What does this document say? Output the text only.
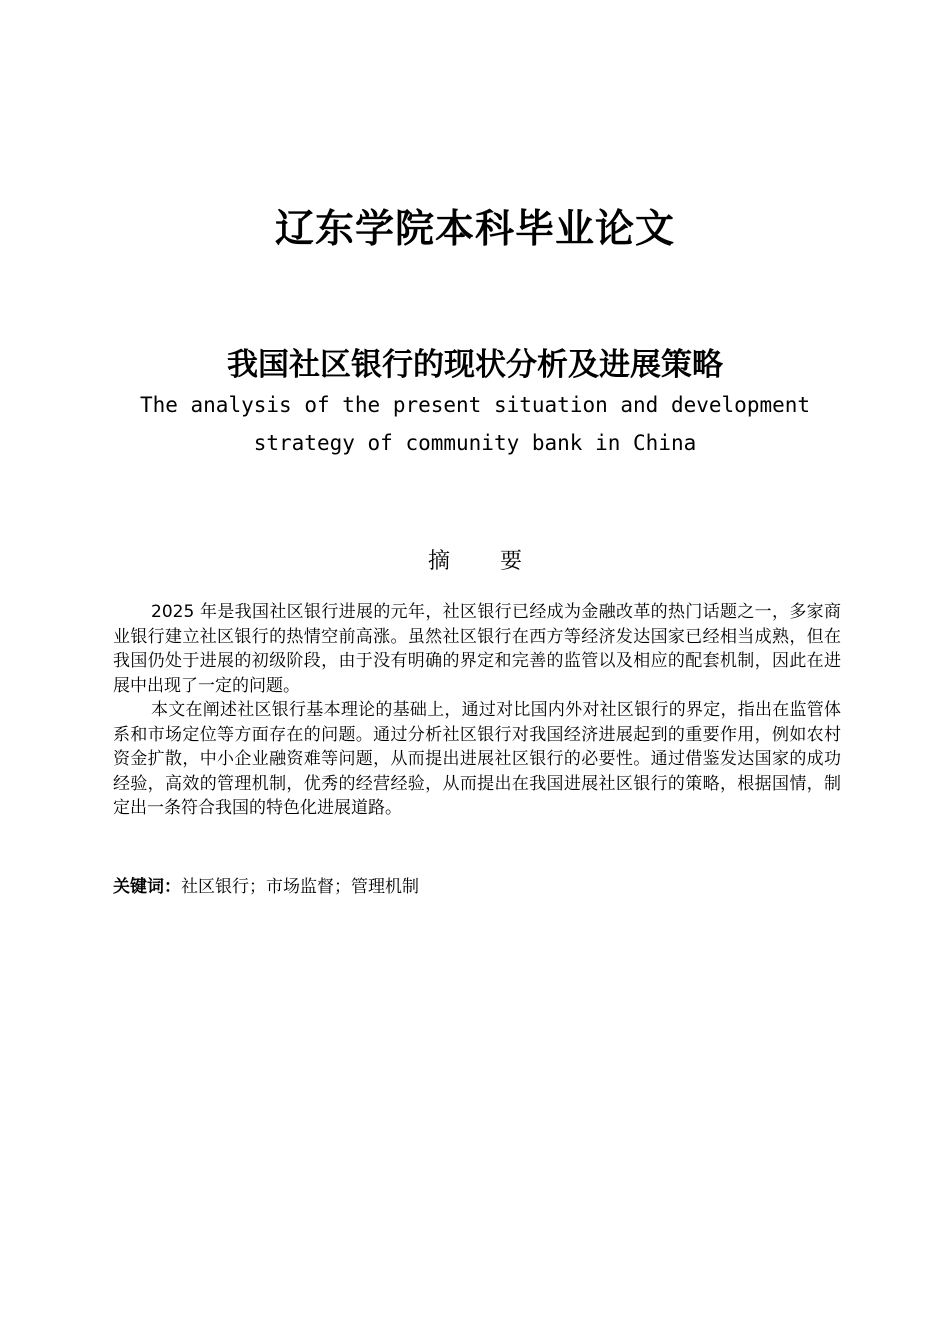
辽东学院本科毕业论文
我国社区银行的现状分析及进展策略
The analysis of the present situation and development strategy of community bank in China
摘要

2025 年是我国社区银行进展的元年，社区银行已经成为金融改革的热门话题之一，多家商业银行建立社区银行的热情空前高涨。虽然社区银行在西方等经济发达国家已经相当成熟，但在我国仍处于进展的初级阶段，由于没有明确的界定和完善的监管以及相应的配套机制，因此在进展中出现了一定的问题。

本文在阐述社区银行基本理论的基础上，通过对比国内外对社区银行的界定，指出在监管体系和市场定位等方面存在的问题。通过分析社区银行对我国经济进展起到的重要作用，例如农村资金扩散，中小企业融资难等问题，从而提出进展社区银行的必要性。通过借鉴发达国家的成功经验，高效的管理机制，优秀的经营经验，从而提出在我国进展社区银行的策略，根据国情，制定出一条符合我国的特色化进展道路。

关键词：社区银行；市场监督；管理机制
